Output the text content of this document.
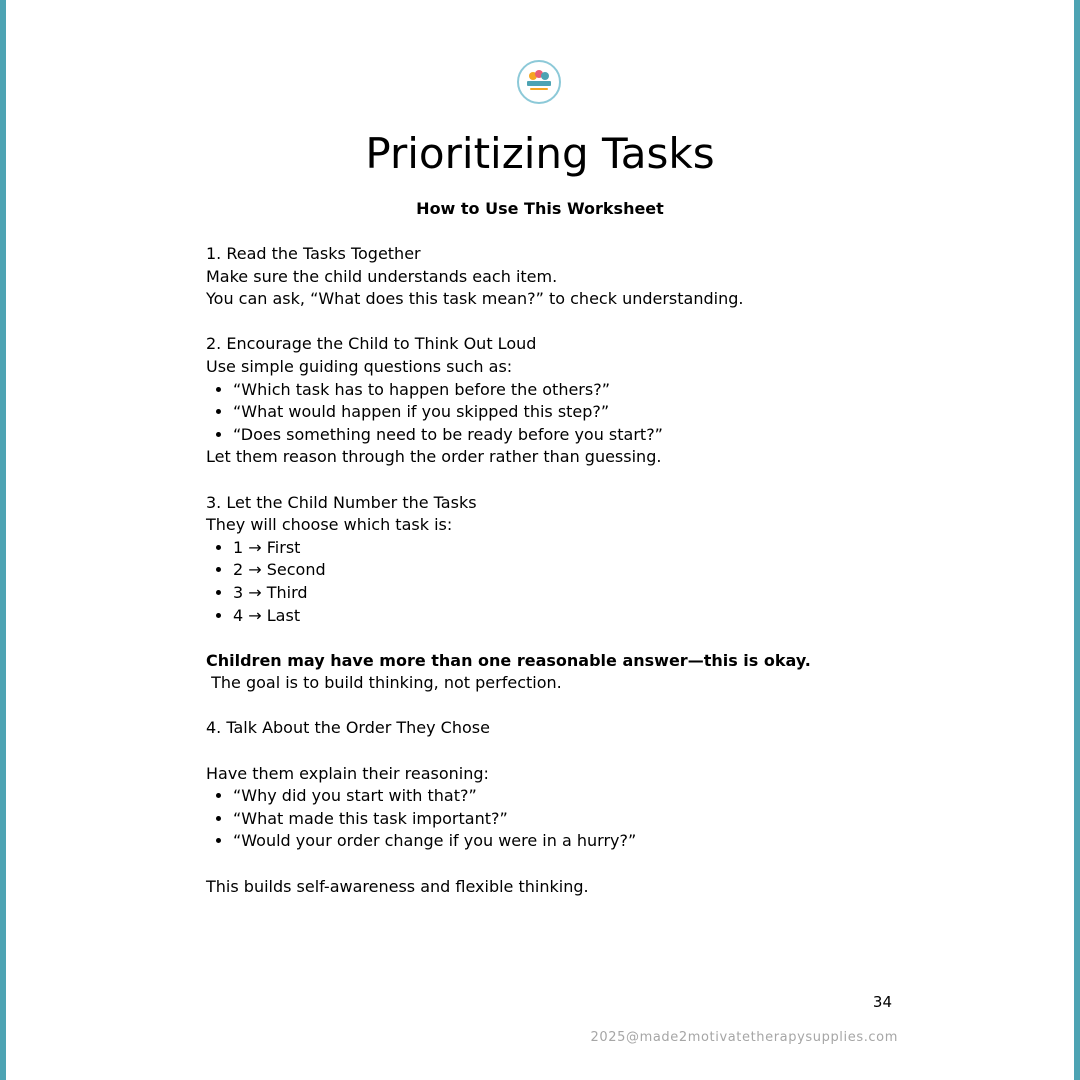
Prioritizing Tasks

How to Use This Worksheet

1. Read the Tasks Together

Make sure the child understands each item.

You can ask, “What does this task mean?” to check understanding.

2. Encourage the Child to Think Out Loud

Use simple guiding questions such as:

• “Which task has to happen before the others?”
• “What would happen if you skipped this step?”
• “Does something need to be ready before you start?”

Let them reason through the order rather than guessing.

3. Let the Child Number the Tasks

They will choose which task is:

• 1 → First
• 2 → Second
• 3 → Third
• 4 → Last

Children may have more than one reasonable answer—this is okay.

The goal is to build thinking, not perfection.

4. Talk About the Order They Chose

Have them explain their reasoning:

• “Why did you start with that?”
• “What made this task important?”
• “Would your order change if you were in a hurry?”

This builds self-awareness and flexible thinking.

34
2025@made2motivatetherapysupplies.com
